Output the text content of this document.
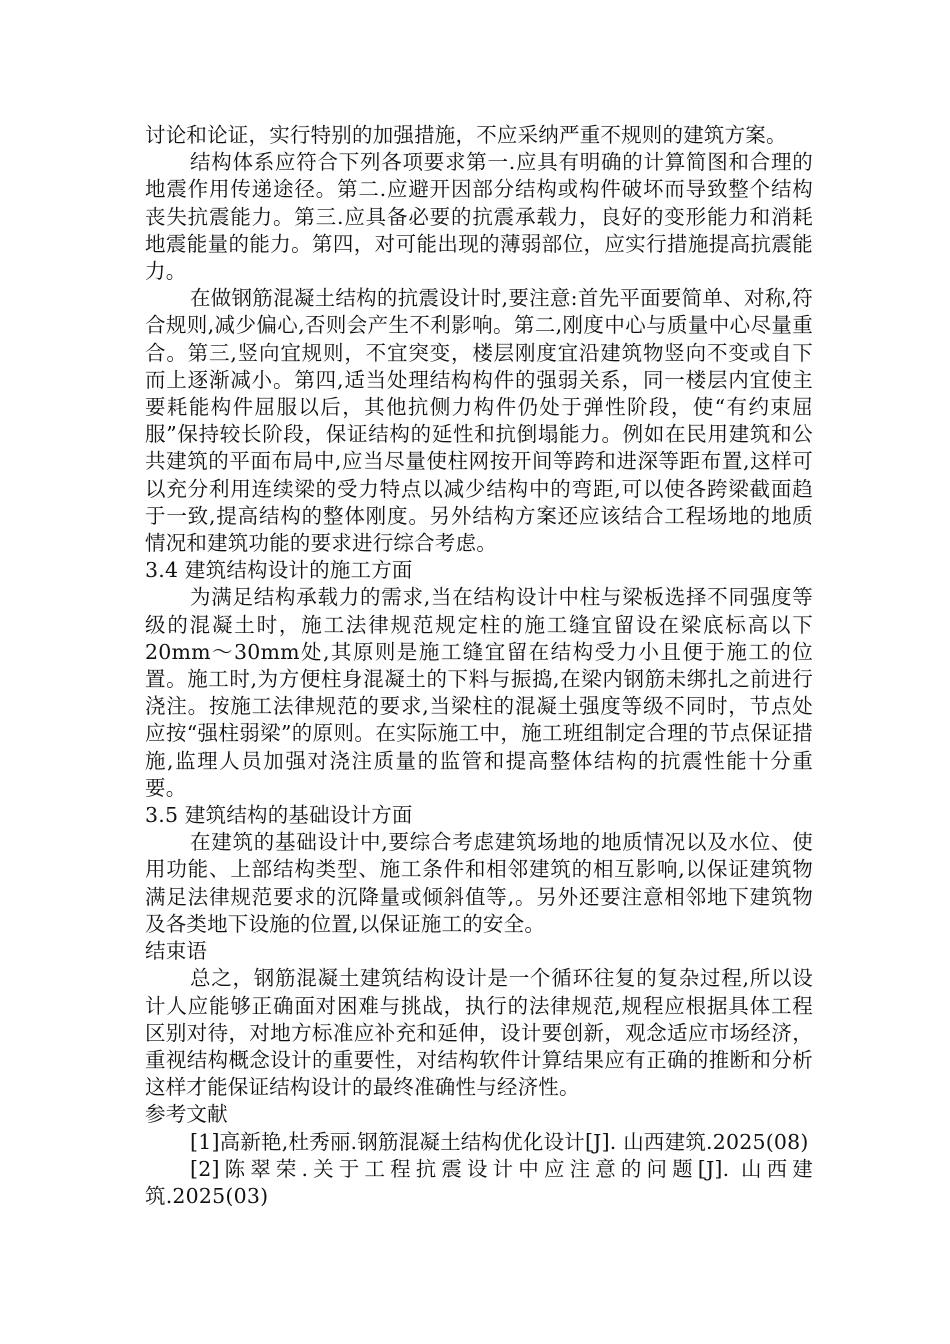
讨论和论证，实行特别的加强措施，不应采纳严重不规则的建筑方案。

结构体系应符合下列各项要求第一.应具有明确的计算简图和合理的地震作用传递途径。第二.应避开因部分结构或构件破坏而导致整个结构丧失抗震能力。第三.应具备必要的抗震承载力，良好的变形能力和消耗地震能量的能力。第四，对可能出现的薄弱部位，应实行措施提高抗震能力。

在做钢筋混凝土结构的抗震设计时,要注意:首先平面要简单、对称,符合规则,减少偏心,否则会产生不利影响。第二,刚度中心与质量中心尽量重合。第三,竖向宜规则，不宜突变，楼层刚度宜沿建筑物竖向不变或自下而上逐渐减小。第四,适当处理结构构件的强弱关系，同一楼层内宜使主要耗能构件屈服以后，其他抗侧力构件仍处于弹性阶段，使“有约束屈服”保持较长阶段，保证结构的延性和抗倒塌能力。例如在民用建筑和公共建筑的平面布局中,应当尽量使柱网按开间等跨和进深等距布置,这样可以充分利用连续梁的受力特点以减少结构中的弯距,可以使各跨梁截面趋于一致,提高结构的整体刚度。另外结构方案还应该结合工程场地的地质情况和建筑功能的要求进行综合考虑。

3.4 建筑结构设计的施工方面

为满足结构承载力的需求,当在结构设计中柱与梁板选择不同强度等级的混凝土时，施工法律规范规定柱的施工缝宜留设在梁底标高以下20mm～30mm处,其原则是施工缝宜留在结构受力小且便于施工的位置。施工时,为方便柱身混凝土的下料与振捣,在梁内钢筋未绑扎之前进行浇注。按施工法律规范的要求,当梁柱的混凝土强度等级不同时，节点处应按“强柱弱梁”的原则。在实际施工中，施工班组制定合理的节点保证措施,监理人员加强对浇注质量的监管和提高整体结构的抗震性能十分重要。

3.5 建筑结构的基础设计方面

在建筑的基础设计中,要综合考虑建筑场地的地质情况以及水位、使用功能、上部结构类型、施工条件和相邻建筑的相互影响,以保证建筑物满足法律规范要求的沉降量或倾斜值等,。另外还要注意相邻地下建筑物及各类地下设施的位置,以保证施工的安全。

结束语

总之，钢筋混凝土建筑结构设计是一个循环往复的复杂过程,所以设计人应能够正确面对困难与挑战，执行的法律规范,规程应根据具体工程区别对待，对地方标准应补充和延伸，设计要创新，观念适应市场经济，重视结构概念设计的重要性，对结构软件计算结果应有正确的推断和分析这样才能保证结构设计的最终准确性与经济性。

参考文献

[1]高新艳,杜秀丽.钢筋混凝土结构优化设计[J]. 山西建筑.2025(08)

[2]陈翠荣.关于工程抗震设计中应注意的问题[J]. 山西建筑.2025(03)
